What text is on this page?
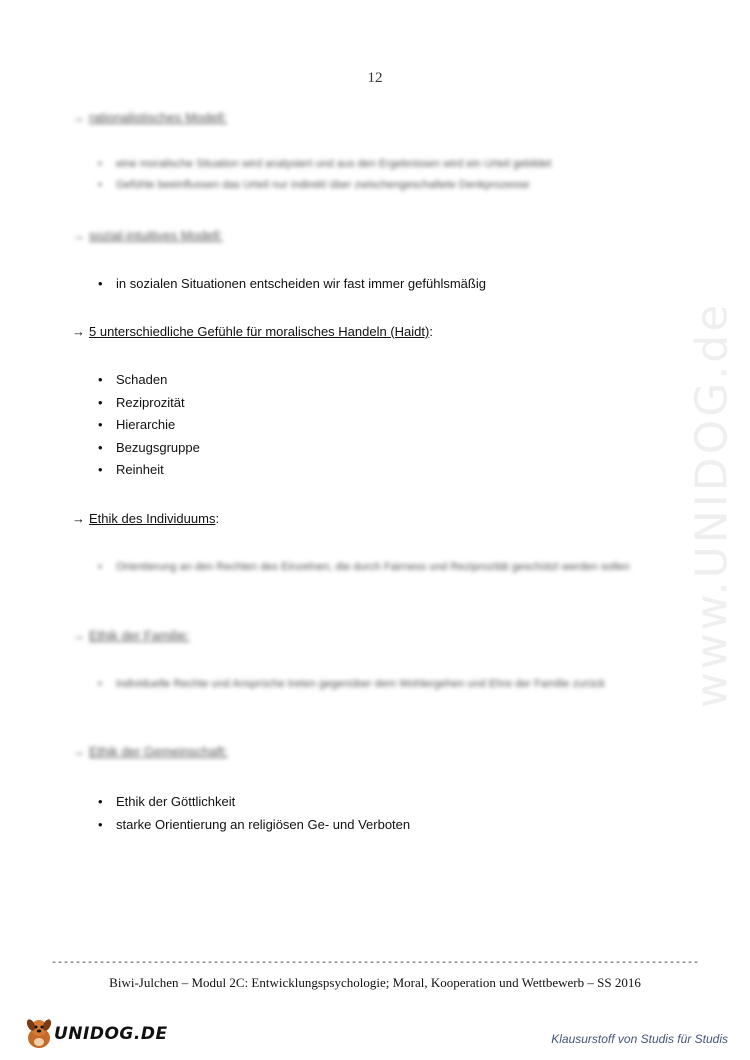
12
→ rationalistisches Modell:
• eine moralische Situation wird analysiert und aus den Ergebnissen wird ein Urteil gebildet
• Gefühle beeinflussen das Urteil nur indirekt über zwischengeschaltete Denkprozesse
→ sozial-intuitives Modell:
• in sozialen Situationen entscheiden wir fast immer gefühlsmäßig
→ 5 unterschiedliche Gefühle für moralisches Handeln (Haidt):
• Schaden
• Reziprozität
• Hierarchie
• Bezugsgruppe
• Reinheit
→ Ethik des Individuums:
• Orientierung an den Rechten des Einzelnen, die durch Fairness und Reziprozität geschützt werden sollen
→ Ethik der Familie:
• individuelle Rechte und Ansprüche treten gegenüber dem Wohlergehen und Ehre der Familie zurück
→ Ethik der Gemeinschaft:
• Ethik der Göttlichkeit
• starke Orientierung an religiösen Ge- und Verboten
www.UNIDOG.de
------------------------------------------------------------------------------------------------------------
Biwi-Julchen – Modul 2C: Entwicklungspsychologie; Moral, Kooperation und Wettbewerb – SS 2016
UNIDOG.DE	Klausurstoff von Studis für Studis
